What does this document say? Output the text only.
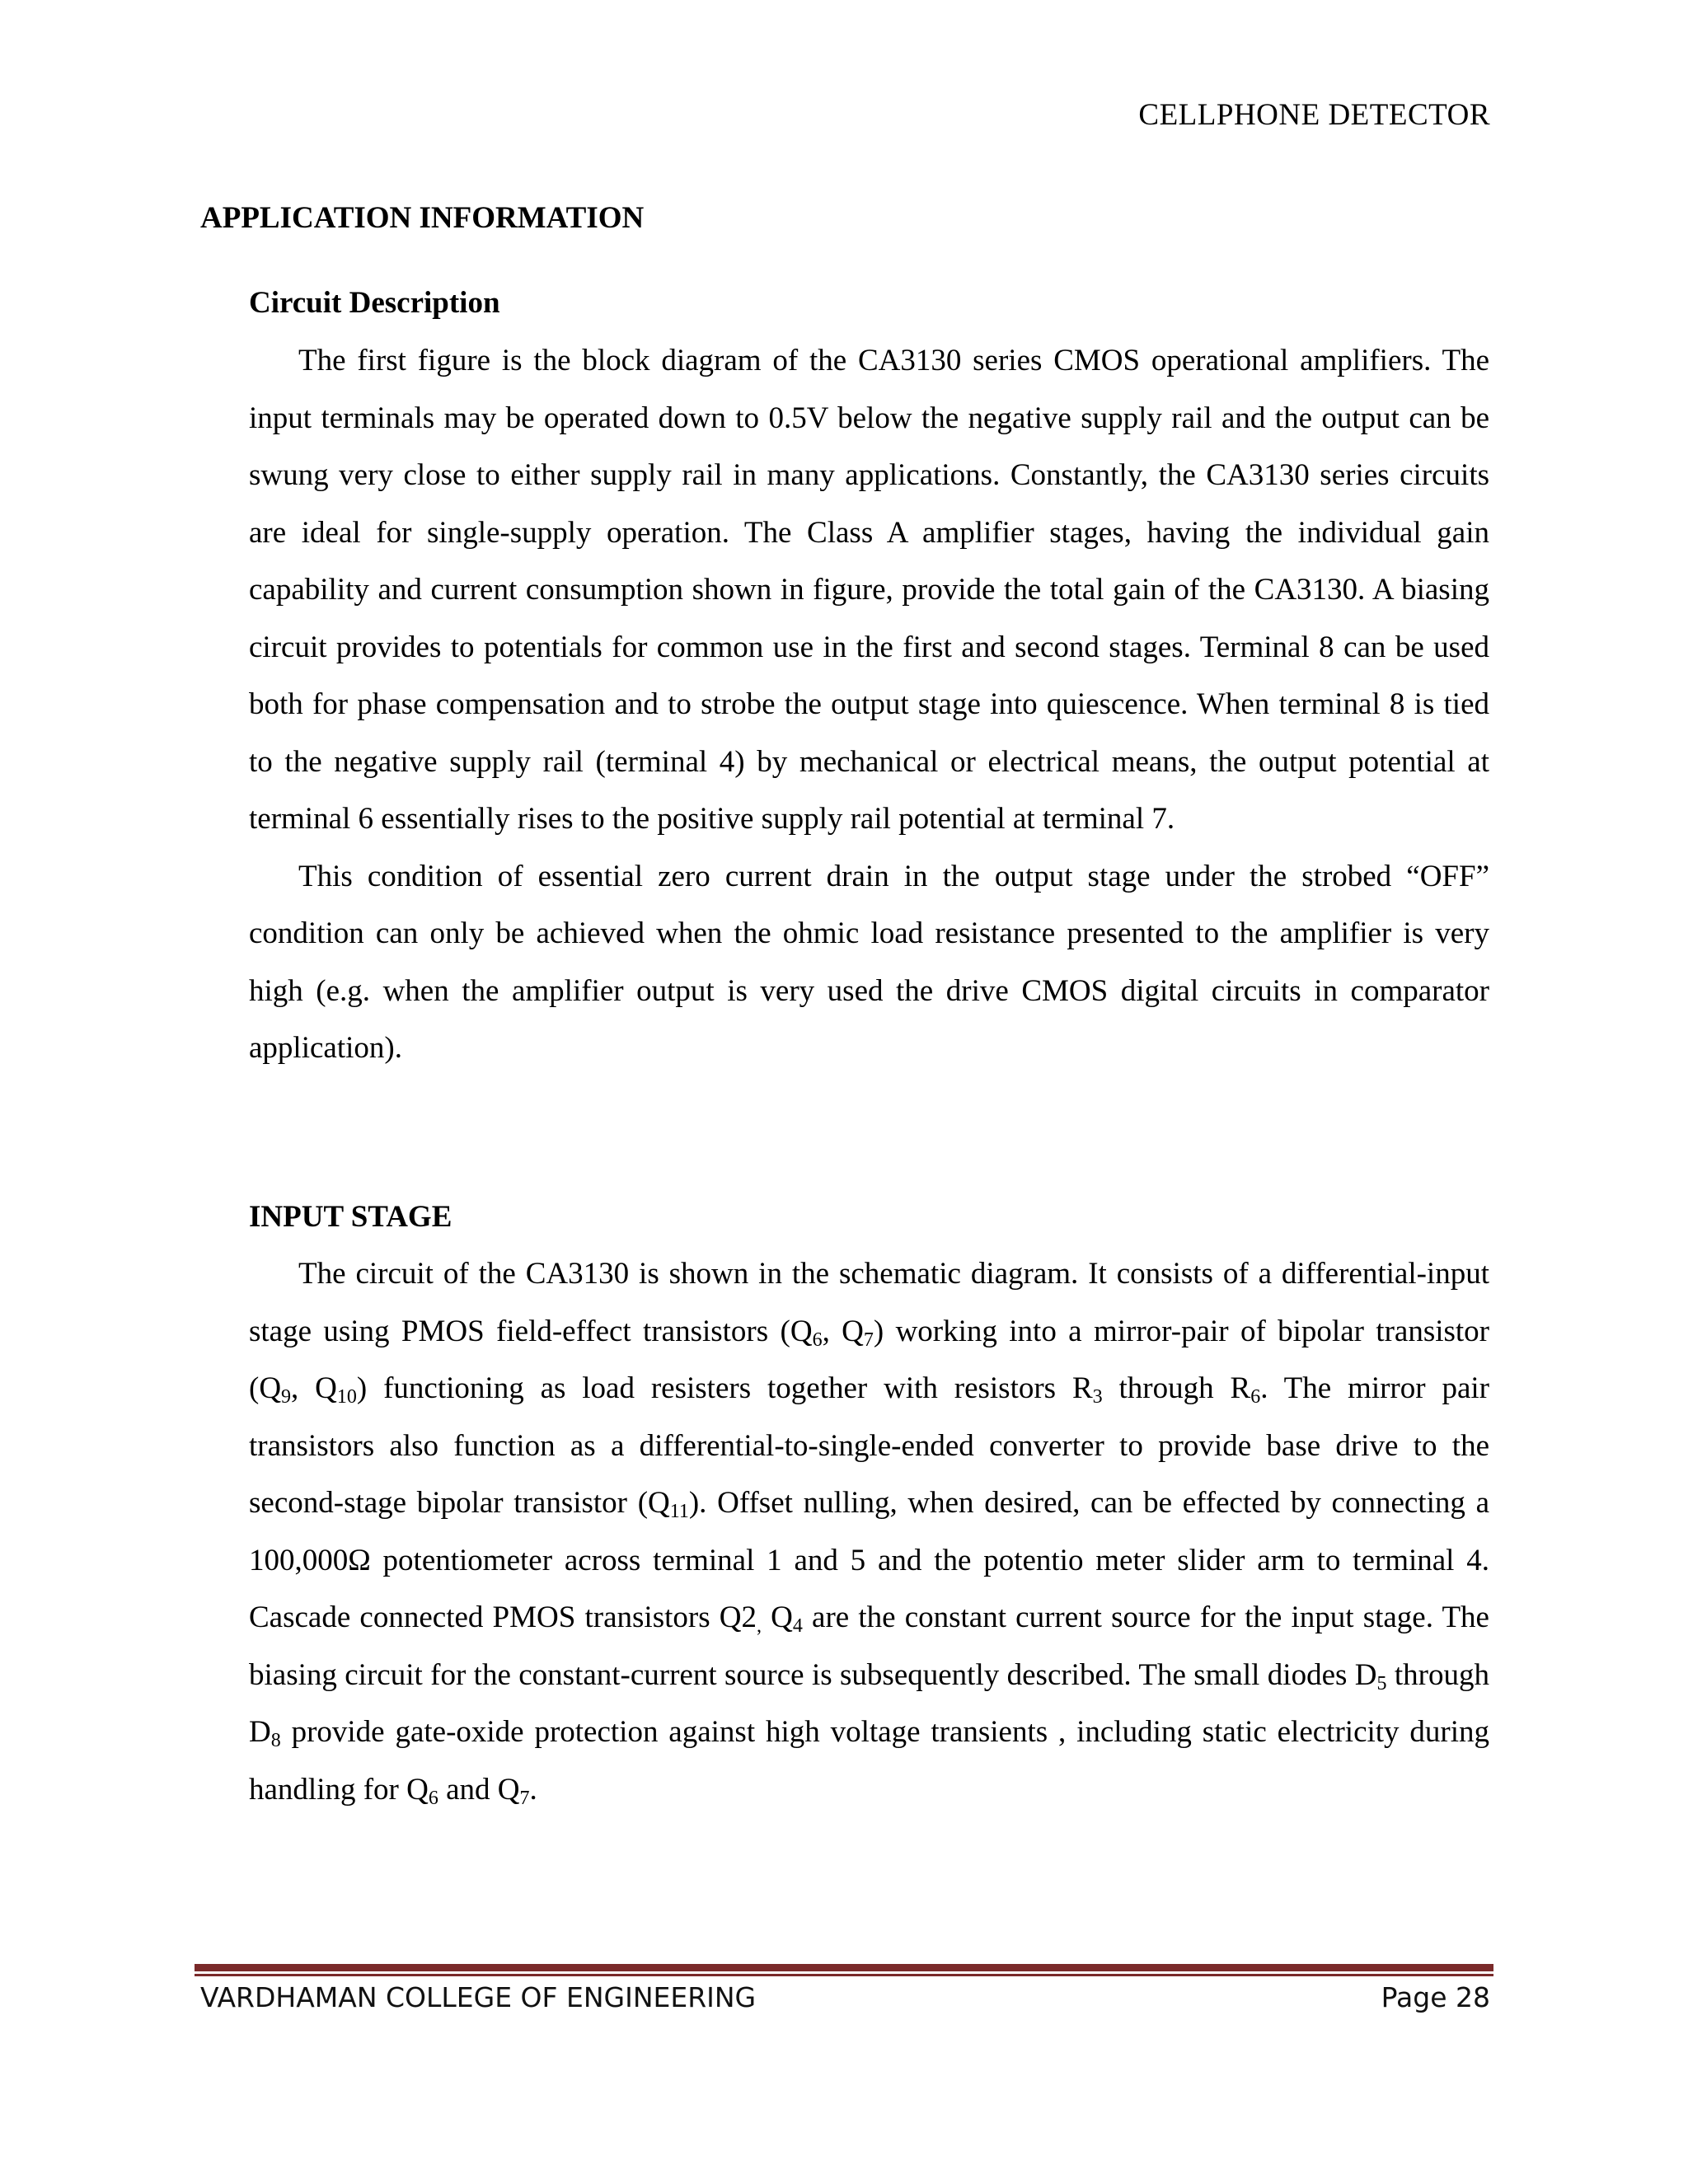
CELLPHONE DETECTOR
APPLICATION INFORMATION
Circuit Description

The first figure is the block diagram of the CA3130 series CMOS operational amplifiers. The input terminals may be operated down to 0.5V below the negative supply rail and the output can be swung very close to either supply rail in many applications. Constantly, the CA3130 series circuits are ideal for single-supply operation. The Class A amplifier stages, having the individual gain capability and current consumption shown in figure, provide the total gain of the CA3130. A biasing circuit provides to potentials for common use in the first and second stages. Terminal 8 can be used both for phase compensation and to strobe the output stage into quiescence. When terminal 8 is tied to the negative supply rail (terminal 4) by mechanical or electrical means, the output potential at terminal 6 essentially rises to the positive supply rail potential at terminal 7.

This condition of essential zero current drain in the output stage under the strobed “OFF” condition can only be achieved when the ohmic load resistance presented to the amplifier is very high (e.g. when the amplifier output is very used the drive CMOS digital circuits in comparator application).

INPUT STAGE

The circuit of the CA3130 is shown in the schematic diagram. It consists of a differential-input stage using PMOS field-effect transistors ($Q_6$, $Q_7$) working into a mirror-pair of bipolar transistor ($Q_9$, $Q_{10}$) functioning as load resisters together with resistors $R_3$ through $R_6$. The mirror pair transistors also function as a differential-to-single-ended converter to provide base drive to the second-stage bipolar transistor $(Q_{11})$. Offset nulling, when desired, can be effected by connecting a 100,000Ω potentiometer across terminal 1 and 5 and the potentio meter slider arm to terminal 4. Cascade connected PMOS transistors $Q2_,$ $Q_4$ are the constant current source for the input stage. The biasing circuit for the constant-current source is subsequently described. The small diodes $D_5$ through $D_8$ provide gate-oxide protection against high voltage transients , including static electricity during handling for $Q_6$ and $Q_7$.

VARDHAMAN COLLEGE OF ENGINEERING	Page 28
